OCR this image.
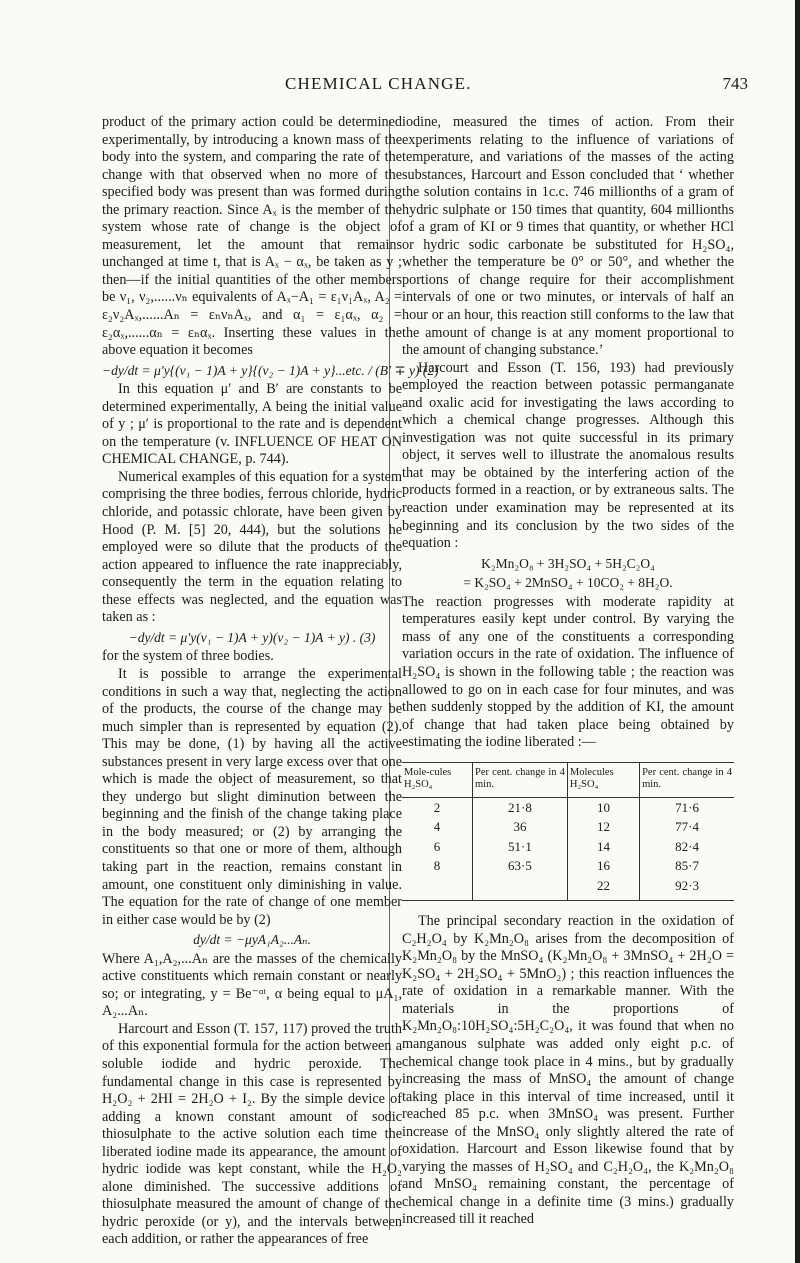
CHEMICAL CHANGE.	743

product of the primary action could be determined experimentally, by introducing a known mass of the body into the system, and comparing the rate of the change with that observed when no more of the specified body was present than was formed during the primary reaction. Since Aₓ is the member of the system whose rate of change is the object of measurement, let the amount that remains unchanged at time t, that is Aₓ − αₓ, be taken as y ; then—if the initial quantities of the other members be ν₁, ν₂,......νₙ equivalents of Aₓ−A₁ = ε₁ν₁Aₓ, A₂ = ε₂ν₂Aₓ,......Aₙ = εₙνₙAₓ, and α₁ = ε₁αₓ, α₂ = ε₂αₓ,......αₙ = εₙαₓ. Inserting these values in the above equation it becomes

−dy/dt = μ′y{(ν₁ − 1)A + y}{(ν₂ − 1)A + y}...etc. / (B′ ∓ y) (2)

In this equation μ′ and B′ are constants to be determined experimentally, A being the initial value of y ; μ′ is proportional to the rate and is dependent on the temperature (v. INFLUENCE OF HEAT ON CHEMICAL CHANGE, p. 744).

Numerical examples of this equation for a system comprising the three bodies, ferrous chloride, hydric chloride, and potassic chlorate, have been given by Hood (P. M. [5] 20, 444), but the solutions he employed were so dilute that the products of the action appeared to influence the rate inappreciably, consequently the term in the equation relating to these effects was neglected, and the equation was taken as :

−dy/dt = μ′y(ν₁ − 1)A + y)(ν₂ − 1)A + y) . (3)

for the system of three bodies.

It is possible to arrange the experimental conditions in such a way that, neglecting the action of the products, the course of the change may be much simpler than is represented by equation (2). This may be done, (1) by having all the active substances present in very large excess over that one which is made the object of measurement, so that they undergo but slight diminution between the beginning and the finish of the change taking place in the body measured; or (2) by arranging the constituents so that one or more of them, although taking part in the reaction, remains constant in amount, one constituent only diminishing in value. The equation for the rate of change of one member in either case would be by (2)

dy/dt = −μyA₁A₂...Aₙ.

Where A₁,A₂,...Aₙ are the masses of the chemically active constituents which remain constant or nearly so; or integrating, y = Be⁻ᵅᵗ, α being equal to μA₁, A₂...Aₙ.

Harcourt and Esson (T. 157, 117) proved the truth of this exponential formula for the action between a soluble iodide and hydric peroxide. The fundamental change in this case is represented by H₂O₂ + 2HI = 2H₂O + I₂. By the simple device of adding a known constant amount of sodic thiosulphate to the active solution each time the liberated iodine made its appearance, the amount of hydric iodide was kept constant, while the H₂O₂ alone diminished. The successive additions of thiosulphate measured the amount of change of the hydric peroxide (or y), and the intervals between each addition, or rather the appearances of free

iodine, measured the times of action. From their experiments relating to the influence of variations of temperature, and variations of the masses of the acting substances, Harcourt and Esson concluded that ‘ whether the solution contains in 1c.c. 746 millionths of a gram of hydric sulphate or 150 times that quantity, 604 millionths of a gram of KI or 9 times that quantity, or whether HCl or hydric sodic carbonate be substituted for H₂SO₄, whether the temperature be 0° or 50°, and whether the portions of change require for their accomplishment intervals of one or two minutes, or intervals of half an hour or an hour, this reaction still conforms to the law that the amount of change is at any moment proportional to the amount of changing substance.’

Harcourt and Esson (T. 156, 193) had previously employed the reaction between potassic permanganate and oxalic acid for investigating the laws according to which a chemical change progresses. Although this investigation was not quite successful in its primary object, it serves well to illustrate the anomalous results that may be obtained by the interfering action of the products formed in a reaction, or by extraneous salts. The reaction under examination may be represented at its beginning and its conclusion by the two sides of the equation :

K₂Mn₂O₈ + 3H₂SO₄ + 5H₂C₂O₄
= K₂SO₄ + 2MnSO₄ + 10CO₂ + 8H₂O.

The reaction progresses with moderate rapidity at temperatures easily kept under control. By varying the mass of any one of the constituents a corresponding variation occurs in the rate of oxidation. The influence of H₂SO₄ is shown in the following table ; the reaction was allowed to go on in each case for four minutes, and was then suddenly stopped by the addition of KI, the amount of change that had taken place being obtained by estimating the iodine liberated :—

Mole-cules H₂SO₄	Per cent. change in 4 min.	Molecules H₂SO₄	Per cent. change in 4 min.
2	21·8	10	71·6
4	36	12	77·4
6	51·1	14	82·4
8	63·5	16	85·7
		22	92·3

The principal secondary reaction in the oxidation of C₂H₂O₄ by K₂Mn₂O₈ arises from the decomposition of K₂Mn₂O₈ by the MnSO₄ (K₂Mn₂O₈ + 3MnSO₄ + 2H₂O = K₂SO₄ + 2H₂SO₄ + 5MnO₂) ; this reaction influences the rate of oxidation in a remarkable manner. With the materials in the proportions of K₂Mn₂O₈:10H₂SO₄:5H₂C₂O₄, it was found that when no manganous sulphate was added only eight p.c. of chemical change took place in 4 mins., but by gradually increasing the mass of MnSO₄ the amount of change taking place in this interval of time increased, until it reached 85 p.c. when 3MnSO₄ was present. Further increase of the MnSO₄ only slightly altered the rate of oxidation. Harcourt and Esson likewise found that by varying the masses of H₂SO₄ and C₂H₂O₄, the K₂Mn₂O₈ and MnSO₄ remaining constant, the percentage of chemical change in a definite time (3 mins.) gradually increased till it reached
